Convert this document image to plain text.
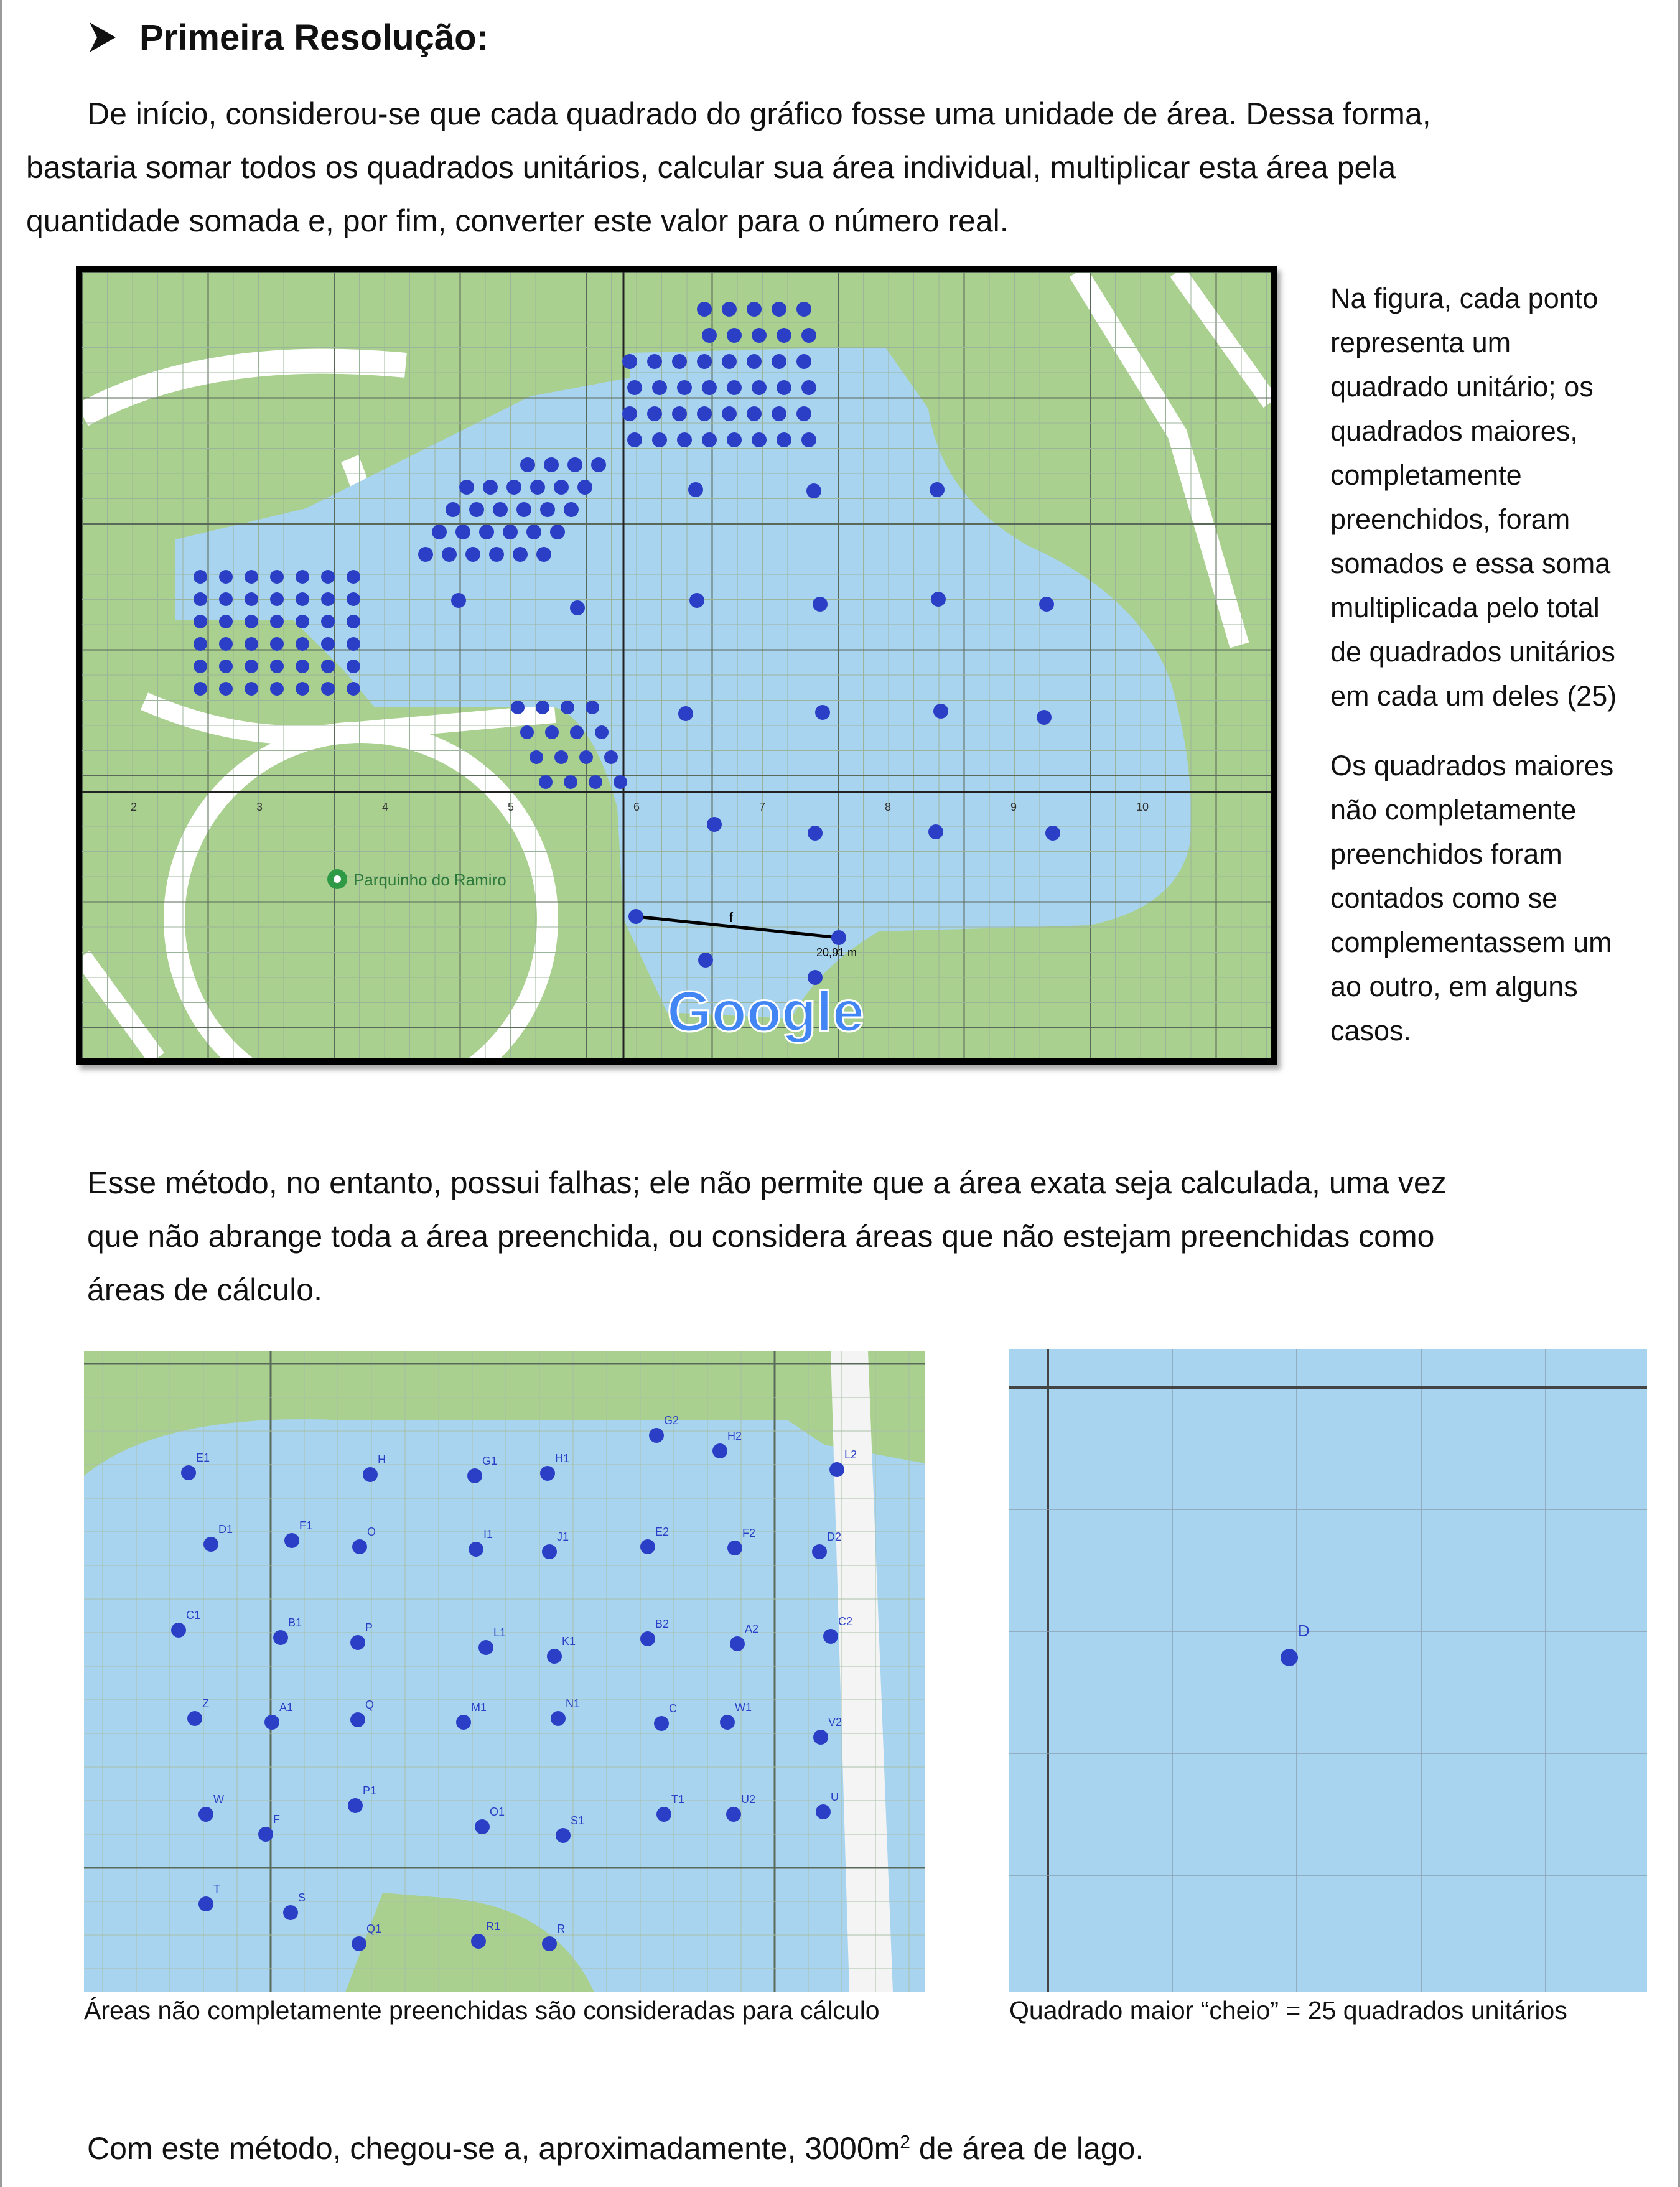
Primeira Resolução:

De início, considerou-se que cada quadrado do gráfico fosse uma unidade de área. Dessa forma,
bastaria somar todos os quadrados unitários, calcular sua área individual, multiplicar esta área pela
quantidade somada e, por fim, converter este valor para o número real.

2	3	4	5	6	7	8	9	10
f
20,91 m
Parquinho do Ramiro
Google

Na figura, cada ponto
representa um
quadrado unitário; os
quadrados maiores,
completamente
preenchidos, foram
somados e essa soma
multiplicada pelo total
de quadrados unitários
em cada um deles (25)

Os quadrados maiores
não completamente
preenchidos foram
contados como se
complementassem um
ao outro, em alguns
casos.

Esse método, no entanto, possui falhas; ele não permite que a área exata seja calculada, uma vez
que não abrange toda a área preenchida, ou considera áreas que não estejam preenchidas como
áreas de cálculo.

E1	H	G1	H1
G2
H2
L2
D1	F1	O	I1	J1	E2	F2	D2
C1
B1	P	L1
K1
B2	A2
C2
Z	A1	Q	M1	N1	C	W1
V2
W
F
P1
O1
S1
T1	U2	U
T
S
Q1	R1	R
Áreas não completamente preenchidas são consideradas para cálculo
D
Quadrado maior “cheio” = 25 quadrados unitários

Com este método, chegou-se a, aproximadamente, $3000m^2$ de área de lago.
